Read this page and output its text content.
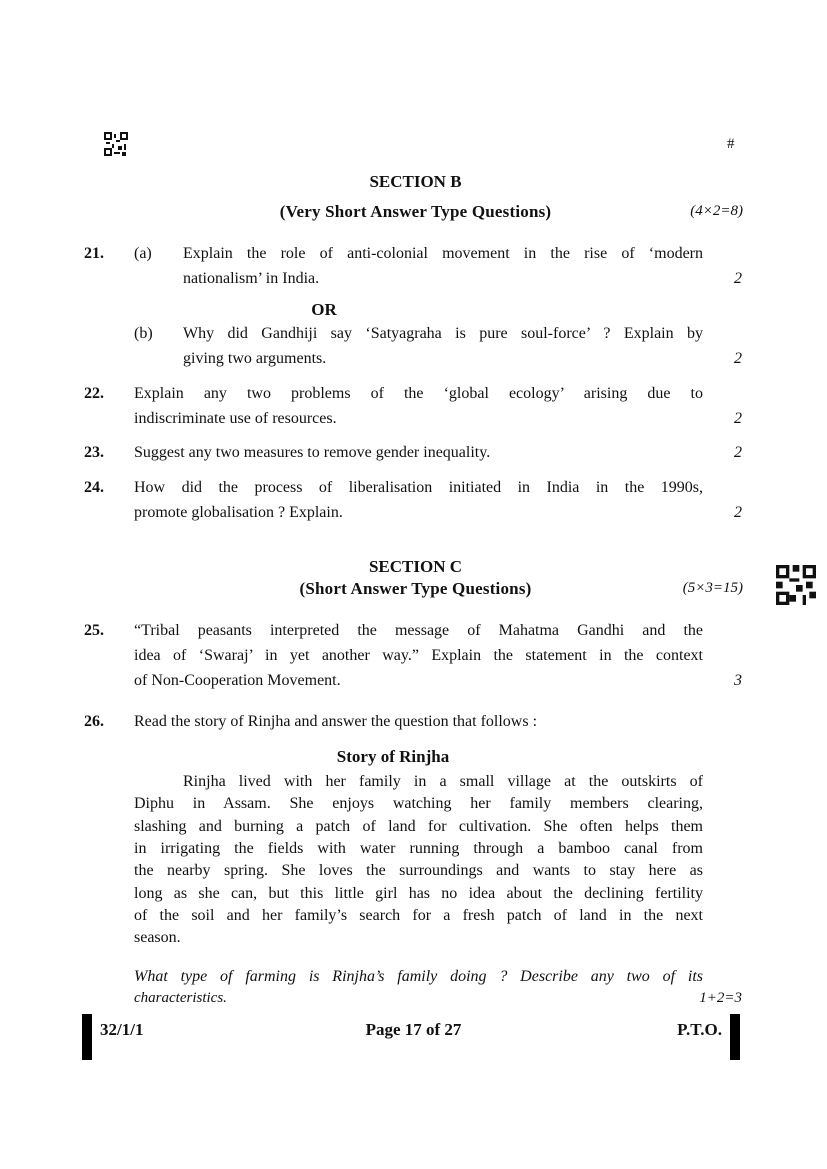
#
SECTION B
(Very Short Answer Type Questions)	(4×2=8)
21. (a) Explain the role of anti-colonial movement in the rise of ‘modern
nationalism’ in India.	2
OR
(b) Why did Gandhiji say ‘Satyagraha is pure soul-force’ ? Explain by
giving two arguments.	2
22. Explain any two problems of the ‘global ecology’ arising due to
indiscriminate use of resources.	2
23. Suggest any two measures to remove gender inequality.	2
24. How did the process of liberalisation initiated in India in the 1990s,
promote globalisation ? Explain.	2
SECTION C
(Short Answer Type Questions)	(5×3=15)
25. “Tribal peasants interpreted the message of Mahatma Gandhi and the
idea of ‘Swaraj’ in yet another way.” Explain the statement in the context
of Non-Cooperation Movement.	3
26. Read the story of Rinjha and answer the question that follows :
Story of Rinjha
Rinjha lived with her family in a small village at the outskirts of
Diphu in Assam. She enjoys watching her family members clearing,
slashing and burning a patch of land for cultivation. She often helps them
in irrigating the fields with water running through a bamboo canal from
the nearby spring. She loves the surroundings and wants to stay here as
long as she can, but this little girl has no idea about the declining fertility
of the soil and her family’s search for a fresh patch of land in the next
season.
What type of farming is Rinjha’s family doing ? Describe any two of its
characteristics.	1+2=3
32/1/1	Page 17 of 27	P.T.O.
